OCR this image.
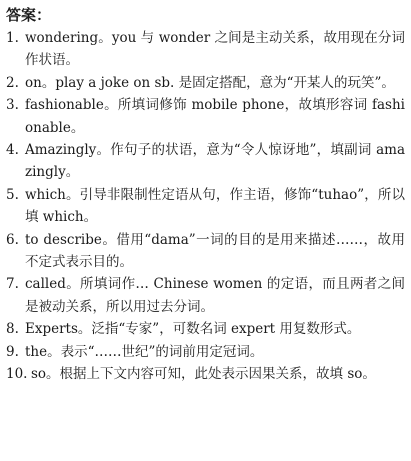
答案：
1. wondering。you 与 wonder 之间是主动关系，故用现在分词作状语。
2. on。play a joke on sb. 是固定搭配，意为“开某人的玩笑”。
3. fashionable。所填词修饰 mobile phone，故填形容词 fashionable。
4. Amazingly。作句子的状语，意为“令人惊讶地”，填副词 amazingly。
5. which。引导非限制性定语从句，作主语，修饰“tuhao”，所以填 which。
6. to describe。借用“dama”一词的目的是用来描述……，故用不定式表示目的。
7. called。所填词作… Chinese women 的定语，而且两者之间是被动关系，所以用过去分词。
8. Experts。泛指“专家”，可数名词 expert 用复数形式。
9. the。表示“……世纪”的词前用定冠词。
10. so。根据上下文内容可知，此处表示因果关系，故填 so。
